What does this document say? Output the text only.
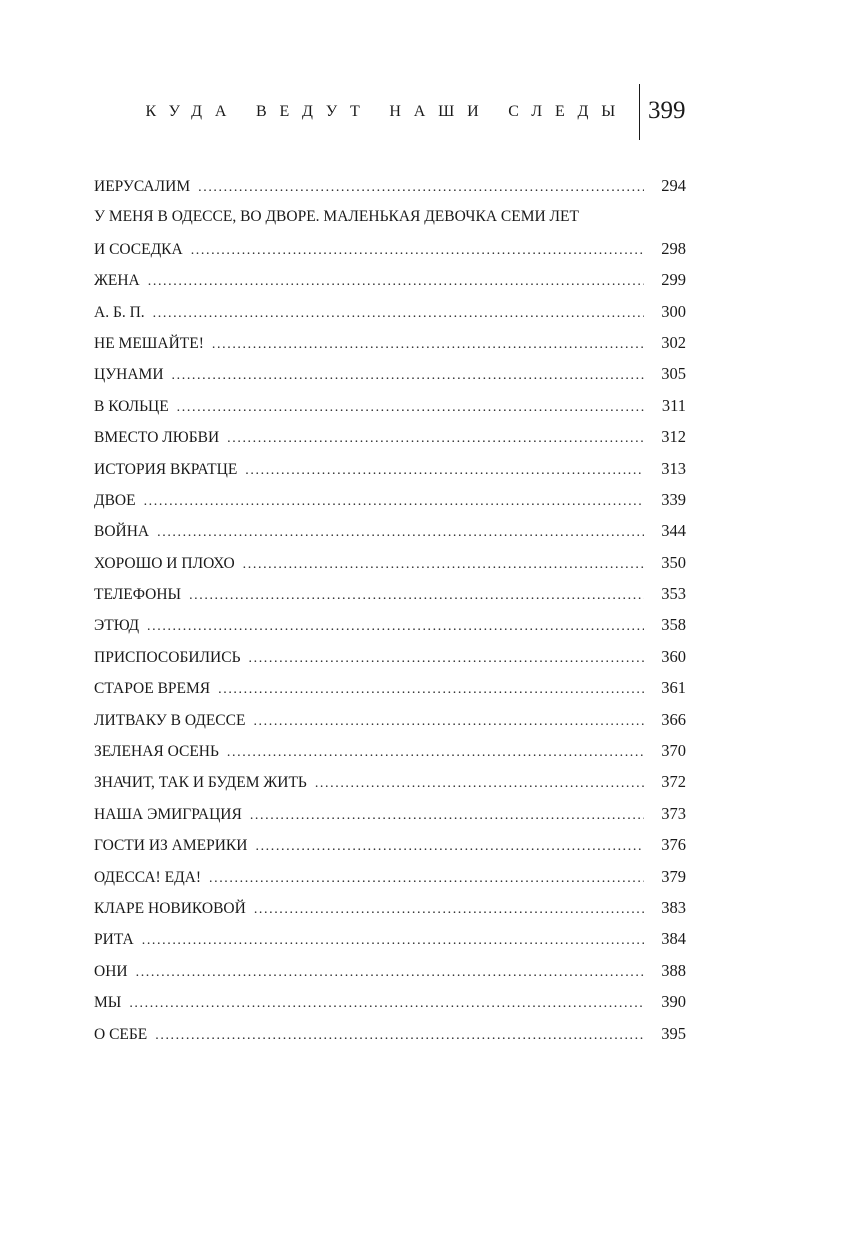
КУДА ВЕДУТ НАШИ СЛЕДЫ 399
ИЕРУСАЛИМ .....	294
У МЕНЯ В ОДЕССЕ, ВО ДВОРЕ. МАЛЕНЬКАЯ ДЕВОЧКА СЕМИ ЛЕТ
И СОСЕДКА .....	298
ЖЕНА .....	299
А. Б. П. .....	300
НЕ МЕШАЙТЕ! .....	302
ЦУНАМИ .....	305
В КОЛЬЦЕ .....	311
ВМЕСТО ЛЮБВИ .....	312
ИСТОРИЯ ВКРАТЦЕ .....	313
ДВОЕ .....	339
ВОЙНА .....	344
ХОРОШО И ПЛОХО .....	350
ТЕЛЕФОНЫ .....	353
ЭТЮД .....	358
ПРИСПОСОБИЛИСЬ .....	360
СТАРОЕ ВРЕМЯ .....	361
ЛИТВАКУ В ОДЕССЕ .....	366
ЗЕЛЕНАЯ ОСЕНЬ .....	370
ЗНАЧИТ, ТАК И БУДЕМ ЖИТЬ .....	372
НАША ЭМИГРАЦИЯ .....	373
ГОСТИ ИЗ АМЕРИКИ .....	376
ОДЕССА! ЕДА! .....	379
КЛАРЕ НОВИКОВОЙ .....	383
РИТА .....	384
ОНИ .....	388
МЫ .....	390
О СЕБЕ .....	395
